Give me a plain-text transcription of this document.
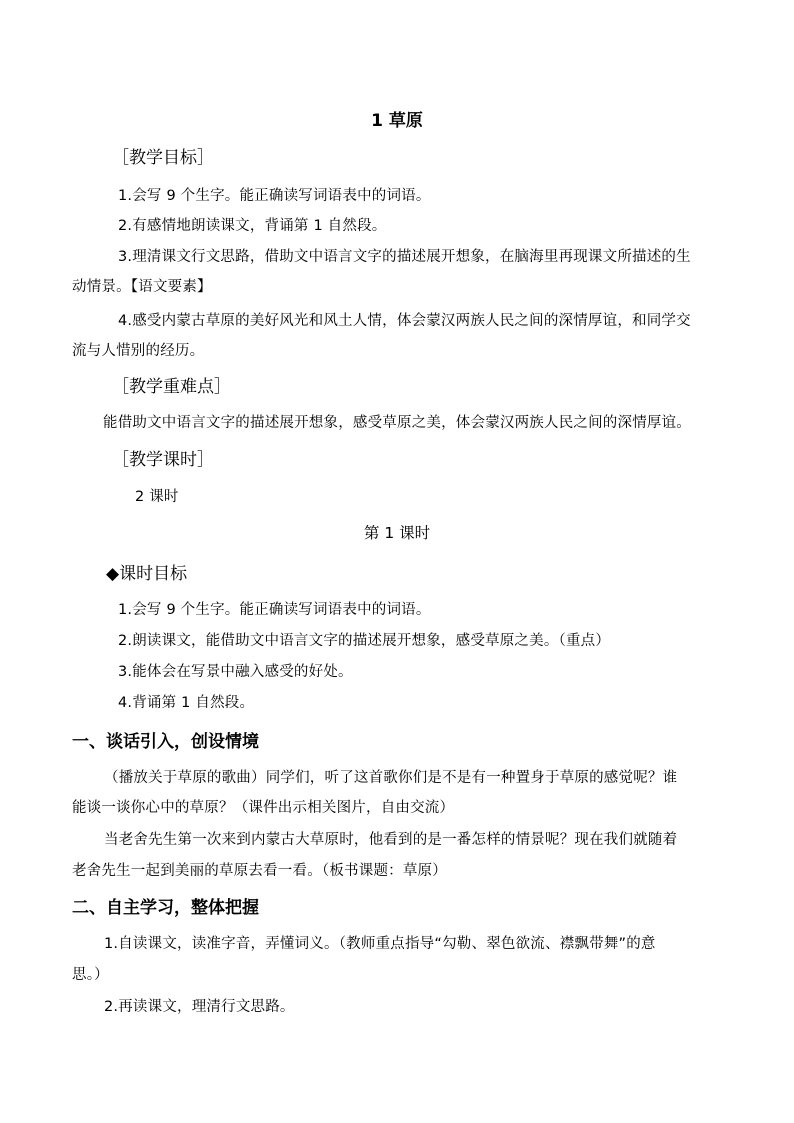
1 草原
［教学目标］
1.会写 9 个生字。能正确读写词语表中的词语。
2.有感情地朗读课文，背诵第 1 自然段。
3.理清课文行文思路，借助文中语言文字的描述展开想象，在脑海里再现课文所描述的生
动情景。【语文要素】
4.感受内蒙古草原的美好风光和风土人情，体会蒙汉两族人民之间的深情厚谊，和同学交
流与人惜别的经历。
［教学重难点］
能借助文中语言文字的描述展开想象，感受草原之美，体会蒙汉两族人民之间的深情厚谊。
［教学课时］
2 课时
第 1 课时
◆课时目标
1.会写 9 个生字。能正确读写词语表中的词语。
2.朗读课文，能借助文中语言文字的描述展开想象，感受草原之美。（重点）
3.能体会在写景中融入感受的好处。
4.背诵第 1 自然段。
一、谈话引入，创设情境
（播放关于草原的歌曲）同学们，听了这首歌你们是不是有一种置身于草原的感觉呢？谁
能谈一谈你心中的草原？（课件出示相关图片，自由交流）
当老舍先生第一次来到内蒙古大草原时，他看到的是一番怎样的情景呢？现在我们就随着
老舍先生一起到美丽的草原去看一看。（板书课题：草原）
二、自主学习，整体把握
1.自读课文，读准字音，弄懂词义。（教师重点指导“勾勒、翠色欲流、襟飘带舞”的意
思。）
2.再读课文，理清行文思路。
